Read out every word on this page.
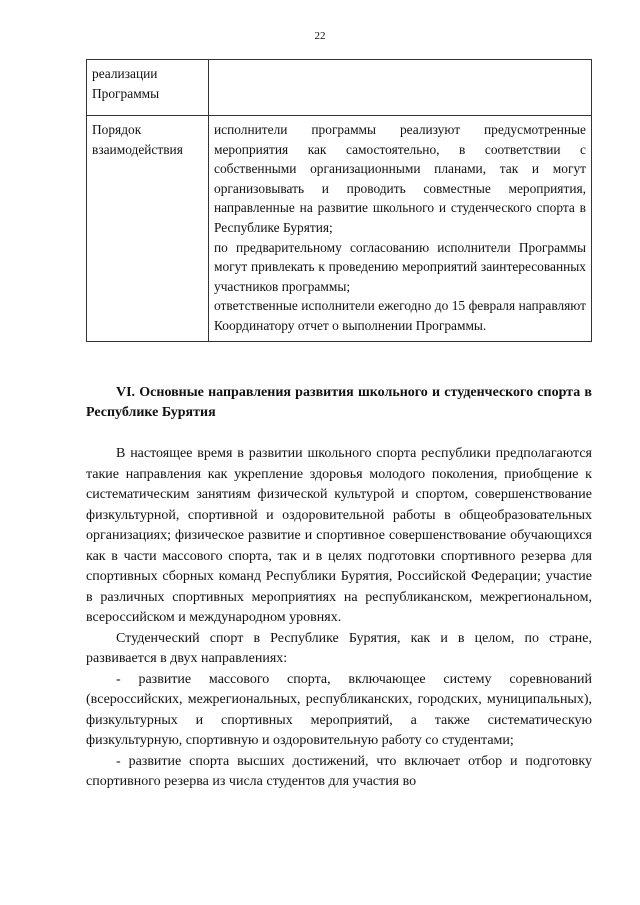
22
реализации Программы	
Порядок взаимодействия	исполнители программы реализуют предусмотренные мероприятия как самостоятельно, в соответствии с собственными организационными планами, так и могут организовывать и проводить совместные мероприятия, направленные на развитие школьного и студенческого спорта в Республике Бурятия;
по предварительному согласованию исполнители Программы могут привлекать к проведению мероприятий заинтересованных участников программы;
ответственные исполнители ежегодно до 15 февраля направляют Координатору отчет о выполнении Программы.
VI. Основные направления развития школьного и студенческого спорта в Республике Бурятия

В настоящее время в развитии школьного спорта республики предполагаются такие направления как укрепление здоровья молодого поколения, приобщение к систематическим занятиям физической культурой и спортом, совершенствование физкультурной, спортивной и оздоровительной работы в общеобразовательных организациях; физическое развитие и спортивное совершенствование обучающихся как в части массового спорта, так и в целях подготовки спортивного резерва для спортивных сборных команд Республики Бурятия, Российской Федерации; участие в различных спортивных мероприятиях на республиканском, межрегиональном, всероссийском и международном уровнях.

Студенческий спорт в Республике Бурятия, как и в целом, по стране, развивается в двух направлениях:

- развитие массового спорта, включающее систему соревнований (всероссийских, межрегиональных, республиканских, городских, муниципальных), физкультурных и спортивных мероприятий, а также систематическую физкультурную, спортивную и оздоровительную работу со студентами;

- развитие спорта высших достижений, что включает отбор и подготовку спортивного резерва из числа студентов для участия во
